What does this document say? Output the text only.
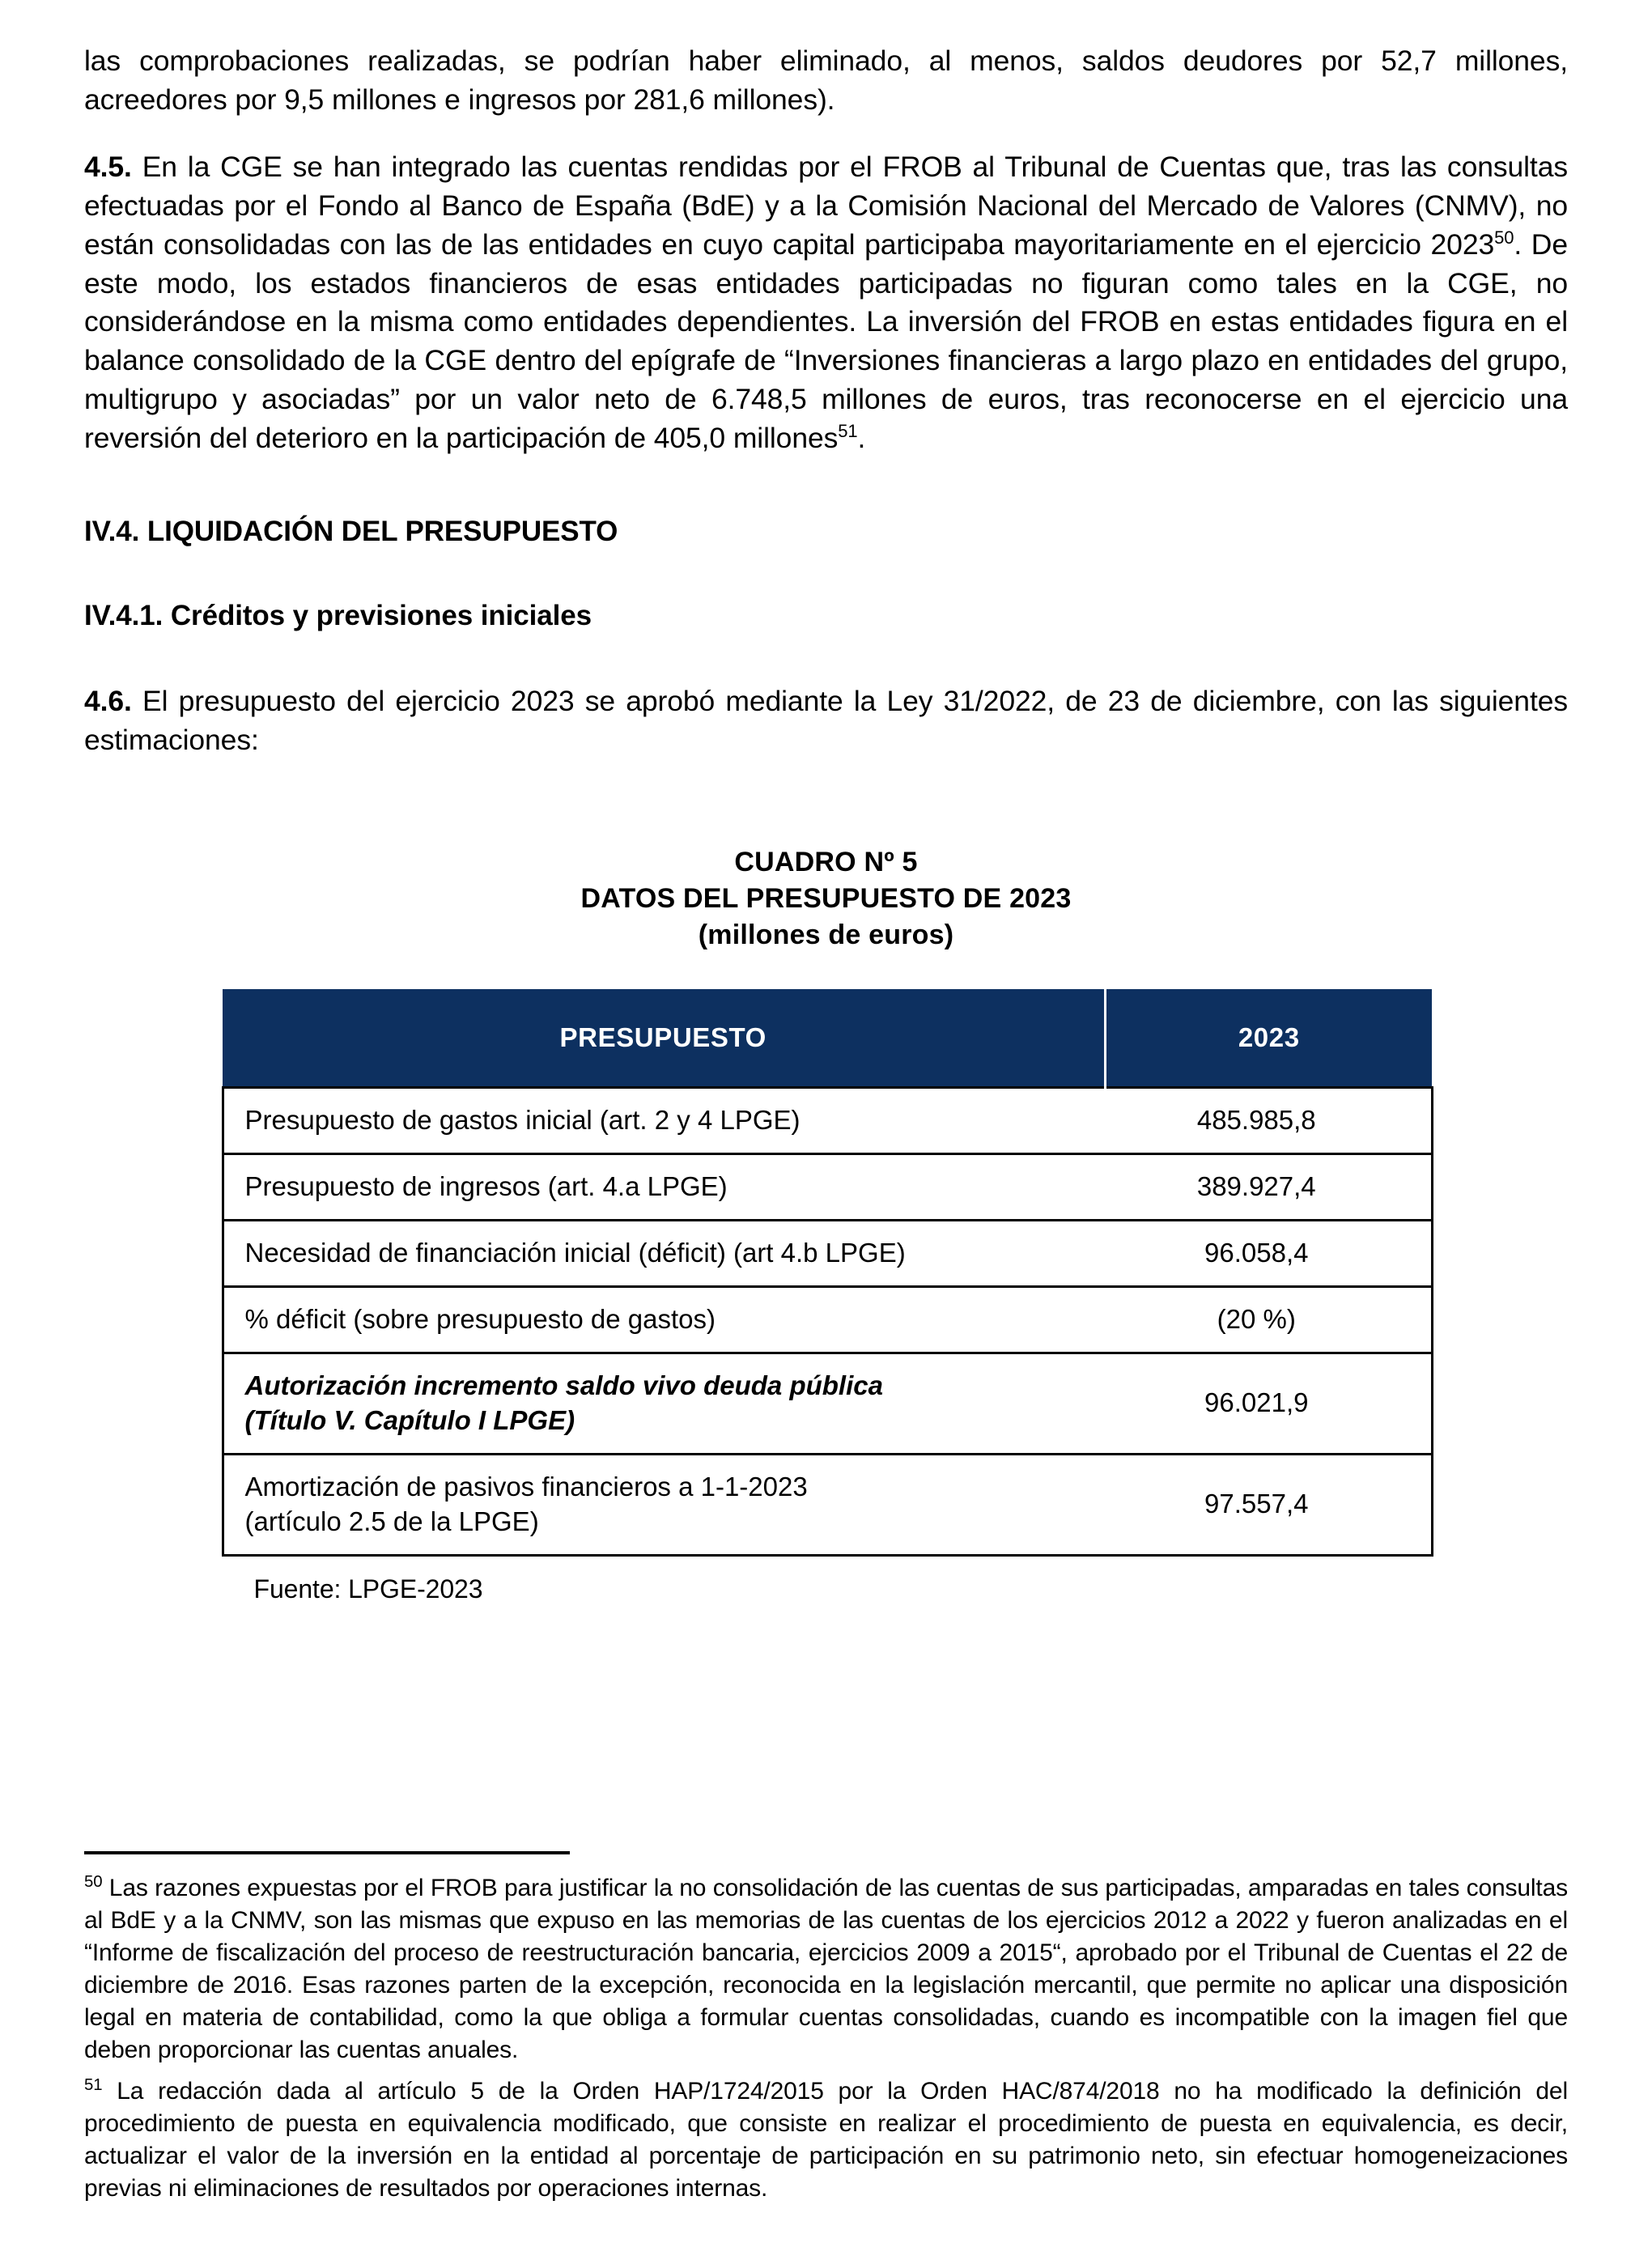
las comprobaciones realizadas, se podrían haber eliminado, al menos, saldos deudores por 52,7 millones, acreedores por 9,5 millones e ingresos por 281,6 millones).

4.5. En la CGE se han integrado las cuentas rendidas por el FROB al Tribunal de Cuentas que, tras las consultas efectuadas por el Fondo al Banco de España (BdE) y a la Comisión Nacional del Mercado de Valores (CNMV), no están consolidadas con las de las entidades en cuyo capital participaba mayoritariamente en el ejercicio 2023$^{50}$. De este modo, los estados financieros de esas entidades participadas no figuran como tales en la CGE, no considerándose en la misma como entidades dependientes. La inversión del FROB en estas entidades figura en el balance consolidado de la CGE dentro del epígrafe de “Inversiones financieras a largo plazo en entidades del grupo, multigrupo y asociadas” por un valor neto de 6.748,5 millones de euros, tras reconocerse en el ejercicio una reversión del deterioro en la participación de 405,0 millones$^{51}$.

IV.4. LIQUIDACIÓN DEL PRESUPUESTO
IV.4.1. Créditos y previsiones iniciales

4.6. El presupuesto del ejercicio 2023 se aprobó mediante la Ley 31/2022, de 23 de diciembre, con las siguientes estimaciones:

CUADRO Nº 5
DATOS DEL PRESUPUESTO DE 2023
(millones de euros)
PRESUPUESTO	2023

Presupuesto de gastos inicial (art. 2 y 4 LPGE)	485.985,8

Presupuesto de ingresos (art. 4.a LPGE)	389.927,4

Necesidad de financiación inicial (déficit) (art 4.b LPGE)	96.058,4

% déficit (sobre presupuesto de gastos)	(20 %)

Autorización incremento saldo vivo deuda pública
(Título V. Capítulo I LPGE)	96.021,9

Amortización de pasivos financieros a 1-1-2023
(artículo 2.5 de la LPGE)	97.557,4
Fuente: LPGE-2023

$^{50}$ Las razones expuestas por el FROB para justificar la no consolidación de las cuentas de sus participadas, amparadas en tales consultas al BdE y a la CNMV, son las mismas que expuso en las memorias de las cuentas de los ejercicios 2012 a 2022 y fueron analizadas en el “Informe de fiscalización del proceso de reestructuración bancaria, ejercicios 2009 a 2015“, aprobado por el Tribunal de Cuentas el 22 de diciembre de 2016. Esas razones parten de la excepción, reconocida en la legislación mercantil, que permite no aplicar una disposición legal en materia de contabilidad, como la que obliga a formular cuentas consolidadas, cuando es incompatible con la imagen fiel que deben proporcionar las cuentas anuales.

$^{51}$ La redacción dada al artículo 5 de la Orden HAP/1724/2015 por la Orden HAC/874/2018 no ha modificado la definición del procedimiento de puesta en equivalencia modificado, que consiste en realizar el procedimiento de puesta en equivalencia, es decir, actualizar el valor de la inversión en la entidad al porcentaje de participación en su patrimonio neto, sin efectuar homogeneizaciones previas ni eliminaciones de resultados por operaciones internas.
